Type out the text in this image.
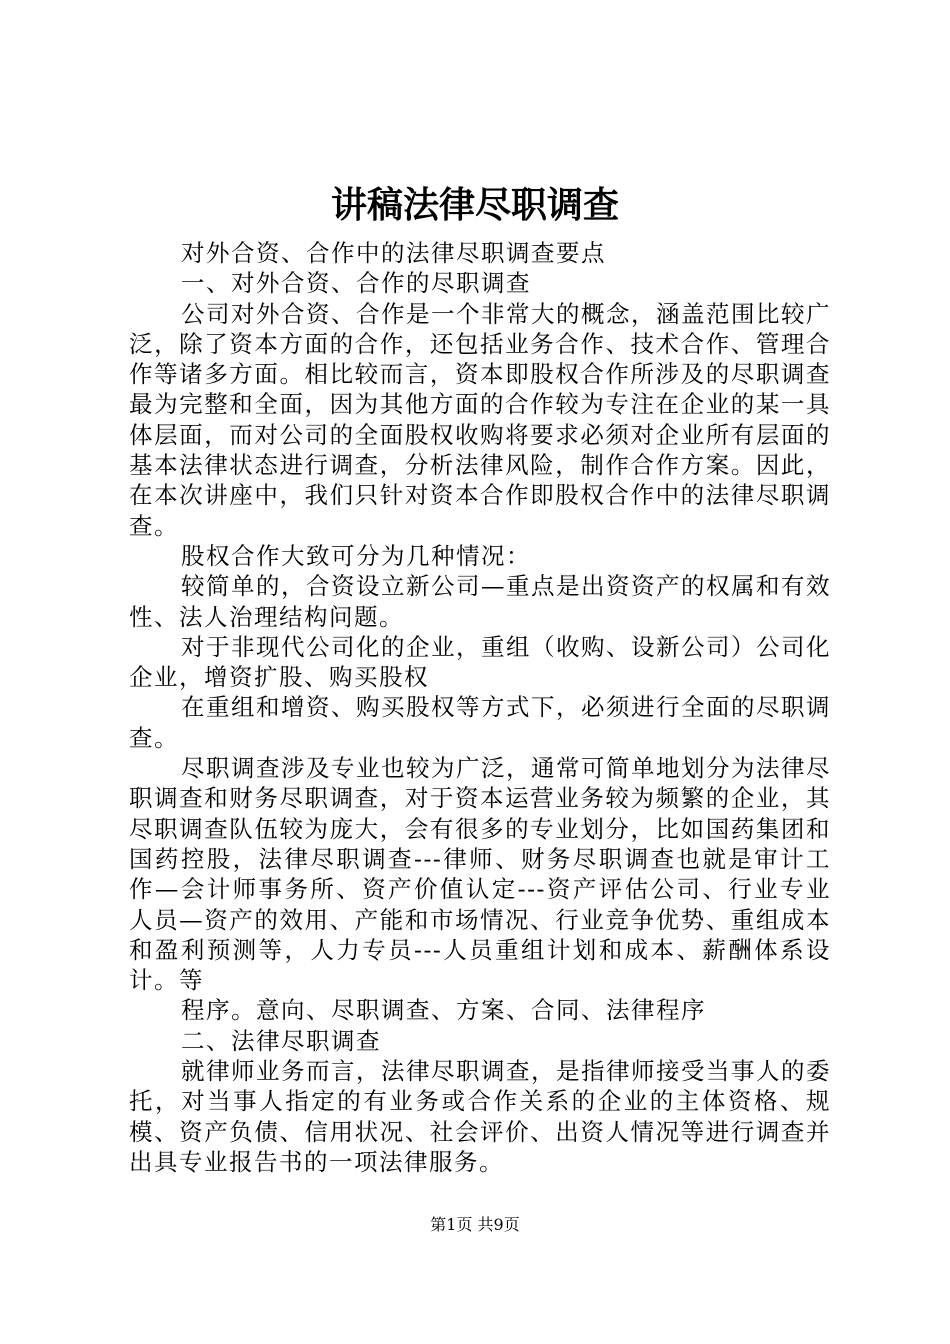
讲稿法律尽职调查

对外合资、合作中的法律尽职调查要点

一、对外合资、合作的尽职调查

公司对外合资、合作是一个非常大的概念，涵盖范围比较广泛，除了资本方面的合作，还包括业务合作、技术合作、管理合作等诸多方面。相比较而言，资本即股权合作所涉及的尽职调查最为完整和全面，因为其他方面的合作较为专注在企业的某一具体层面，而对公司的全面股权收购将要求必须对企业所有层面的基本法律状态进行调查，分析法律风险，制作合作方案。因此，在本次讲座中，我们只针对资本合作即股权合作中的法律尽职调查。

股权合作大致可分为几种情况：

较简单的，合资设立新公司—重点是出资资产的权属和有效性、法人治理结构问题。

对于非现代公司化的企业，重组（收购、设新公司）公司化企业，增资扩股、购买股权

在重组和增资、购买股权等方式下，必须进行全面的尽职调查。

尽职调查涉及专业也较为广泛，通常可简单地划分为法律尽职调查和财务尽职调查，对于资本运营业务较为频繁的企业，其尽职调查队伍较为庞大，会有很多的专业划分，比如国药集团和国药控股，法律尽职调查---律师、财务尽职调查也就是审计工作—会计师事务所、资产价值认定---资产评估公司、行业专业人员—资产的效用、产能和市场情况、行业竞争优势、重组成本和盈利预测等，人力专员---人员重组计划和成本、薪酬体系设计。等

程序。意向、尽职调查、方案、合同、法律程序

二、法律尽职调查

就律师业务而言，法律尽职调查，是指律师接受当事人的委托，对当事人指定的有业务或合作关系的企业的主体资格、规模、资产负债、信用状况、社会评价、出资人情况等进行调查并出具专业报告书的一项法律服务。

第1页 共9页
